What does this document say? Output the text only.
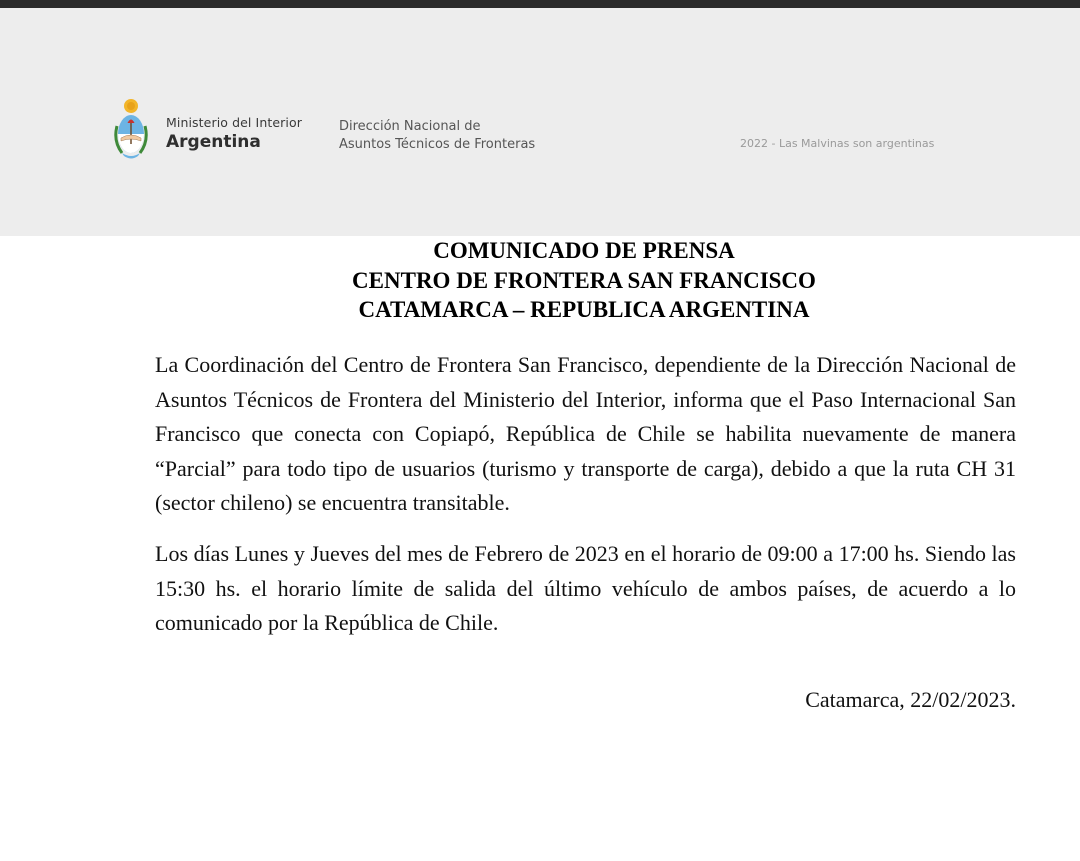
Ministerio del Interior
Argentina
Dirección Nacional de
Asuntos Técnicos de Fronteras	2022 - Las Malvinas son argentinas
COMUNICADO DE PRENSA
CENTRO DE FRONTERA SAN FRANCISCO
CATAMARCA – REPUBLICA ARGENTINA

La Coordinación del Centro de Frontera San Francisco, dependiente de la Dirección Nacional de Asuntos Técnicos de Frontera del Ministerio del Interior, informa que el Paso Internacional San Francisco que conecta con Copiapó, República de Chile se habilita nuevamente de manera “Parcial” para todo tipo de usuarios (turismo y transporte de carga), debido a que la ruta CH 31 (sector chileno) se encuentra transitable.

Los días Lunes y Jueves del mes de Febrero de 2023 en el horario de 09:00 a 17:00 hs. Siendo las 15:30 hs. el horario límite de salida del último vehículo de ambos países, de acuerdo a lo comunicado por la República de Chile.

Catamarca, 22/02/2023.
